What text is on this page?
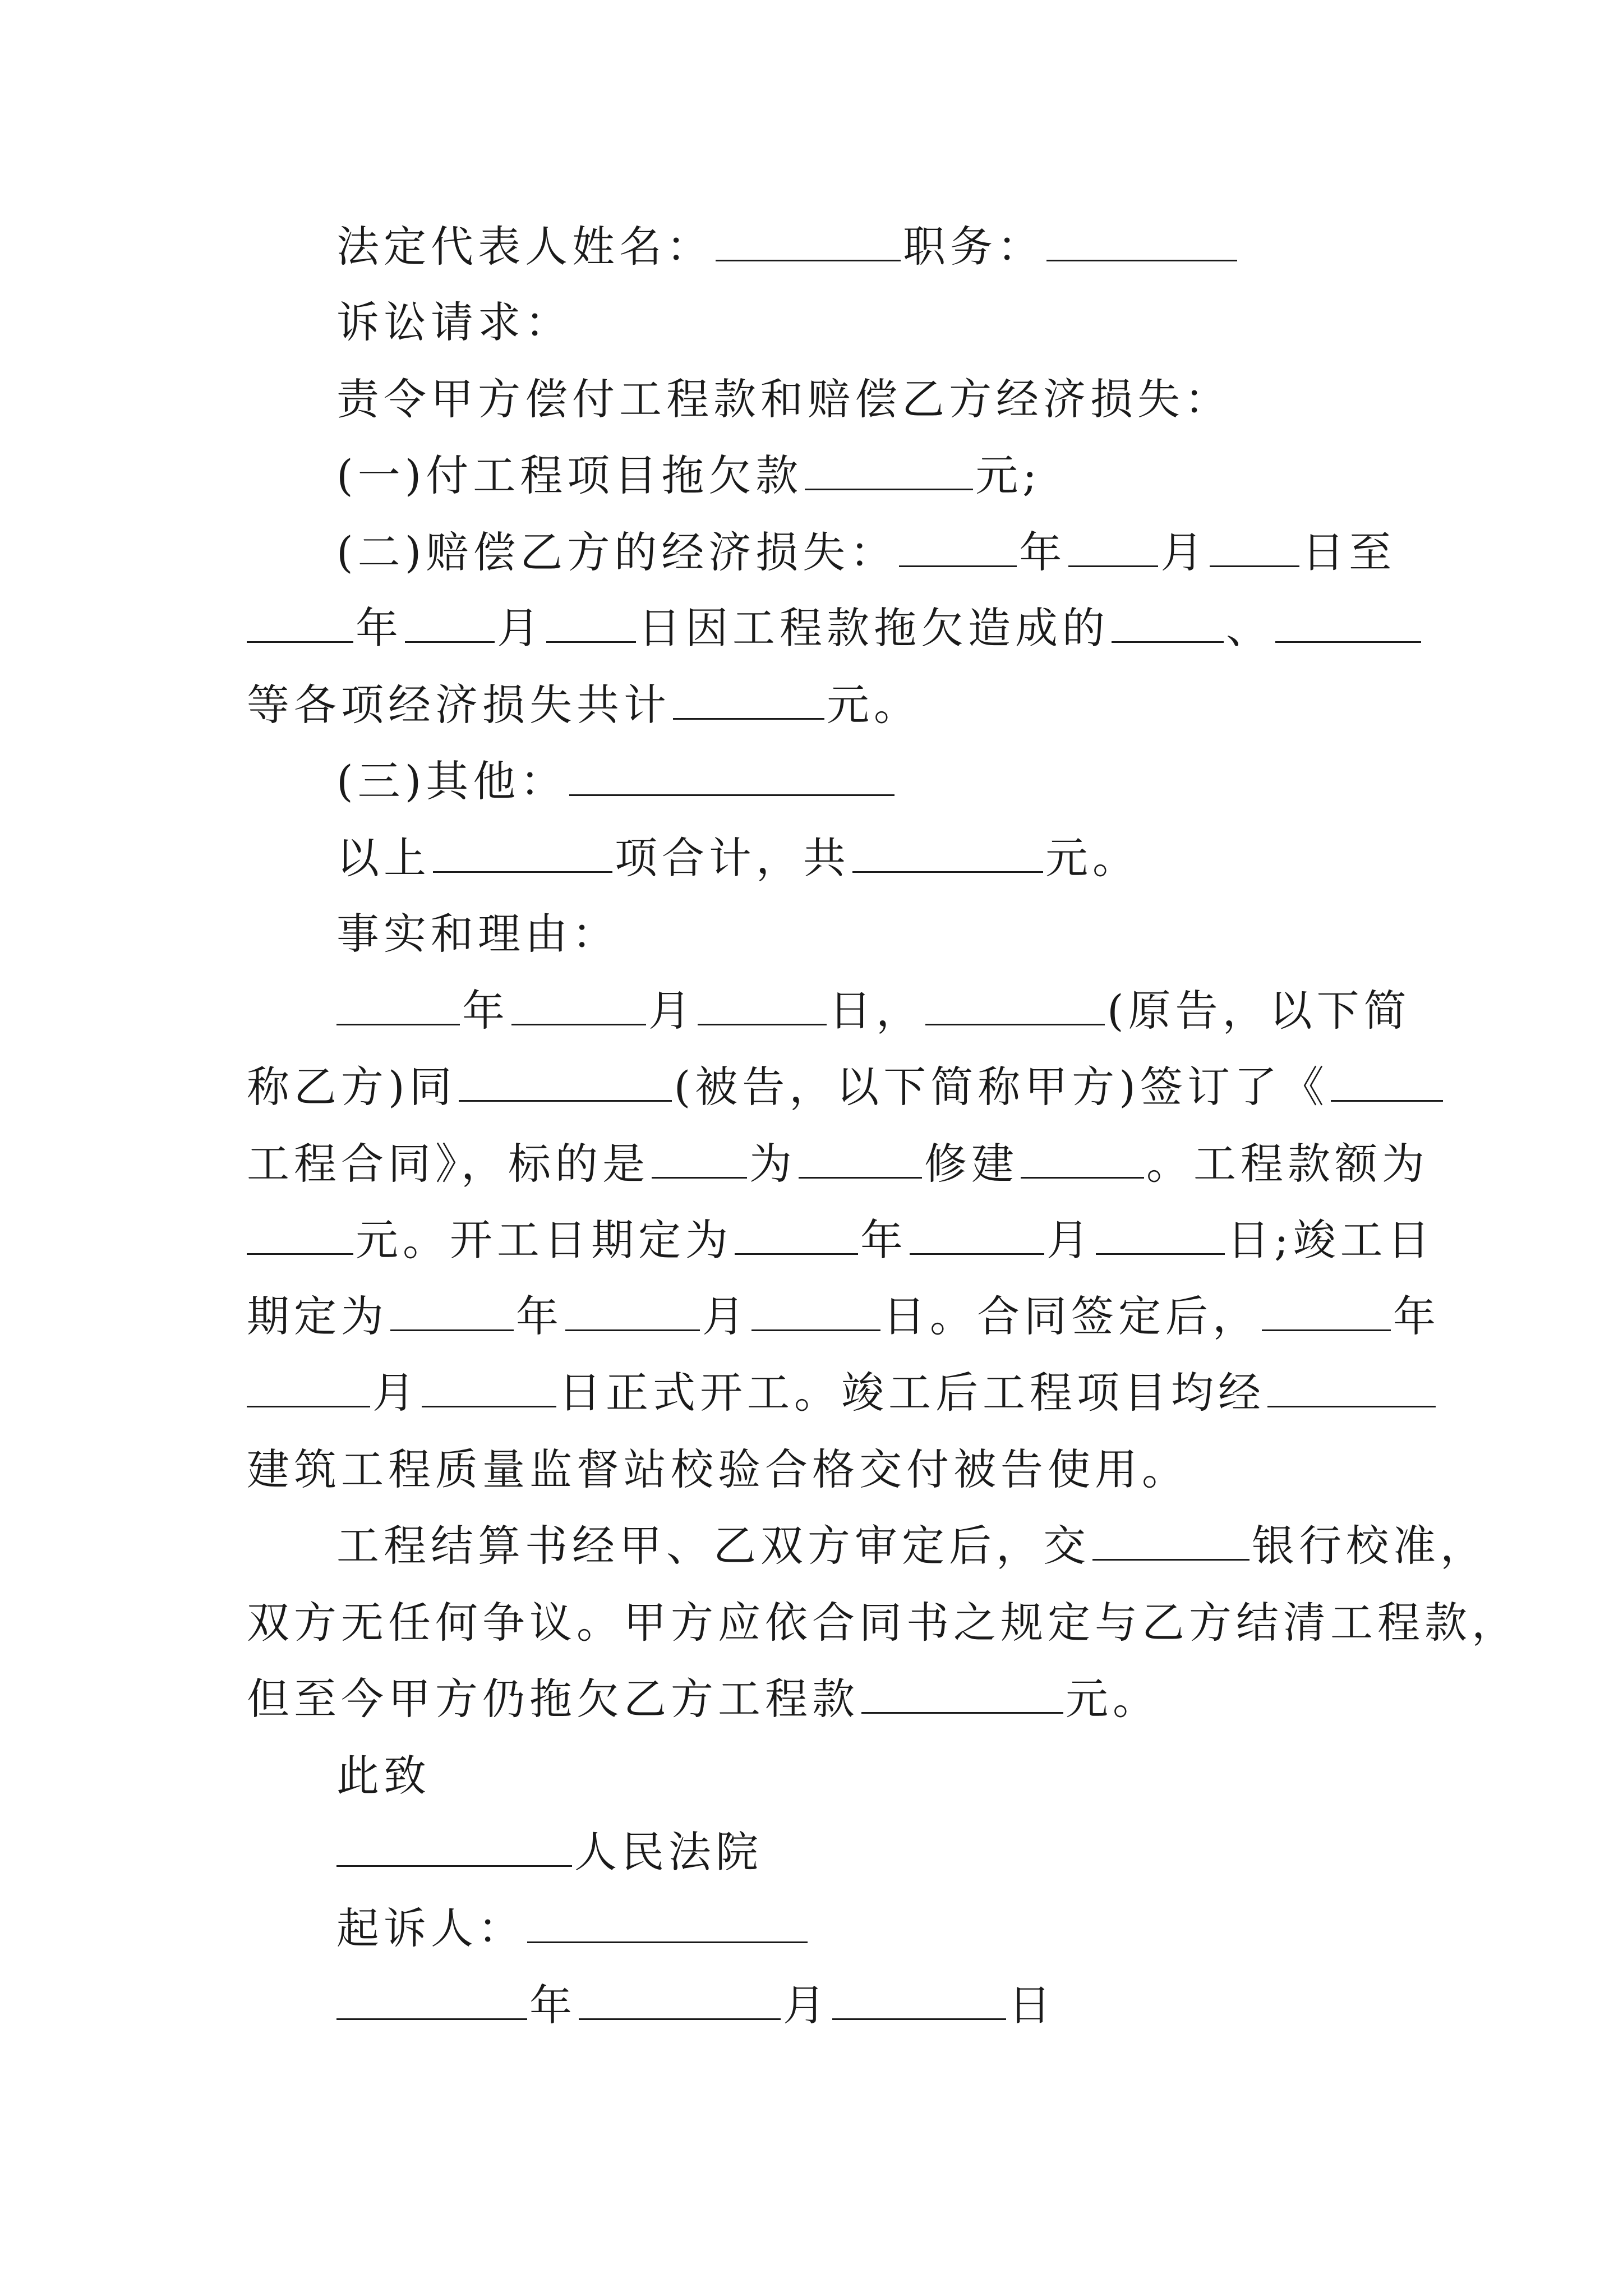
法定代表人姓名：	职务：
诉讼请求：
责令甲方偿付工程款和赔偿乙方经济损失：
(一)付工程项目拖欠款	元;
(二)赔偿乙方的经济损失：	年 月 日至
年 月 日因工程款拖欠造成的	、
等各项经济损失共计	元。
(三)其他：
以上	项合计，共	元。
事实和理由：
年	月	日，	(原告，以下简
称乙方)同	(被告，以下简称甲方)签订了《
工程合同》，标的是 为	修建	。工程款额为
元。开工日期定为	年	月	日;竣工日
期定为	年	月	日。合同签定后，	年
月	日正式开工。竣工后工程项目均经
建筑工程质量监督站校验合格交付被告使用。
工程结算书经甲、乙双方审定后，交	银行校准，
双方无任何争议。甲方应依合同书之规定与乙方结清工程款，
但至今甲方仍拖欠乙方工程款	元。
此致
人民法院
起诉人：
年	月	日
